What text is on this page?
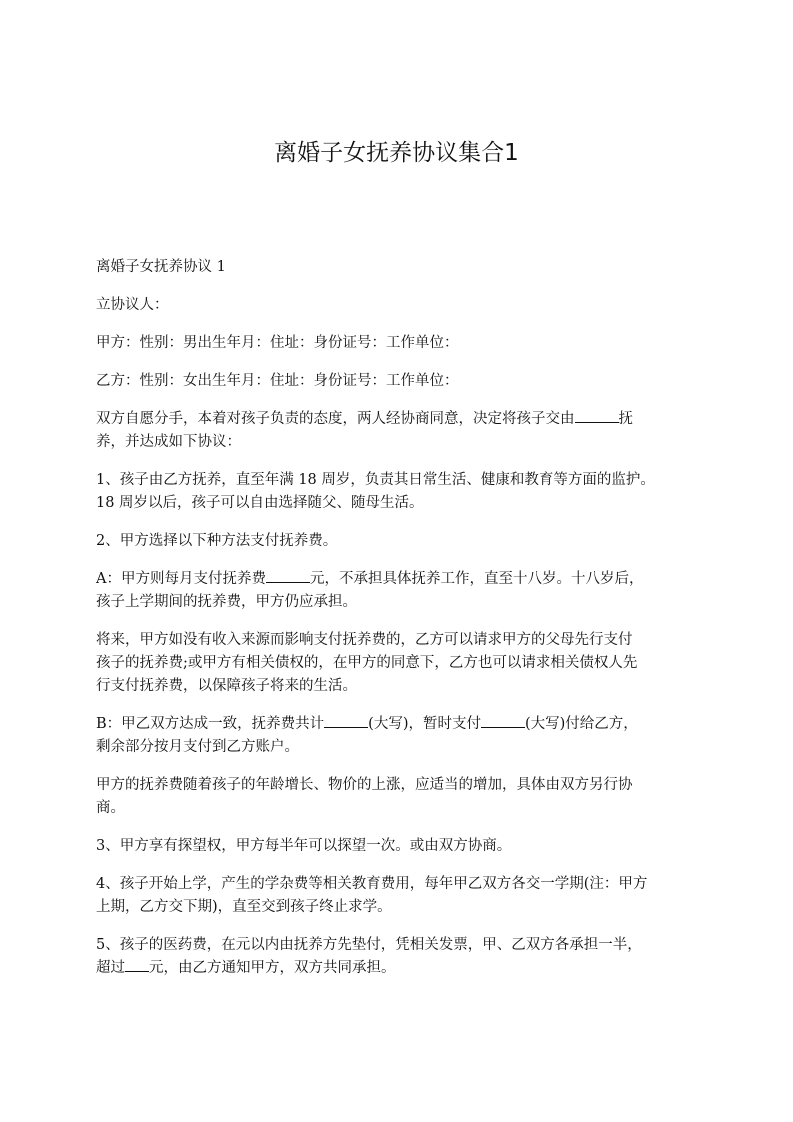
离婚子女抚养协议集合1

离婚子女抚养协议 1

立协议人：

甲方：性别：男出生年月：住址：身份证号：工作单位：

乙方：性别：女出生年月：住址：身份证号：工作单位：

双方自愿分手，本着对孩子负责的态度，两人经协商同意，决定将孩子交由	抚
养，并达成如下协议：

1、孩子由乙方抚养，直至年满 18 周岁，负责其日常生活、健康和教育等方面的监护。
18 周岁以后，孩子可以自由选择随父、随母生活。

2、甲方选择以下种方法支付抚养费。

A：甲方则每月支付抚养费	元，不承担具体抚养工作，直至十八岁。十八岁后，
孩子上学期间的抚养费，甲方仍应承担。

将来，甲方如没有收入来源而影响支付抚养费的，乙方可以请求甲方的父母先行支付
孩子的抚养费;或甲方有相关债权的，在甲方的同意下，乙方也可以请求相关债权人先
行支付抚养费，以保障孩子将来的生活。

B：甲乙双方达成一致，抚养费共计	(大写)，暂时支付	(大写)付给乙方，
剩余部分按月支付到乙方账户。

甲方的抚养费随着孩子的年龄增长、物价的上涨，应适当的增加，具体由双方另行协
商。

3、甲方享有探望权，甲方每半年可以探望一次。或由双方协商。

4、孩子开始上学，产生的学杂费等相关教育费用，每年甲乙双方各交一学期(注：甲方
上期，乙方交下期)，直至交到孩子终止求学。

5、孩子的医药费，在元以内由抚养方先垫付，凭相关发票，甲、乙双方各承担一半，
超过 元，由乙方通知甲方，双方共同承担。
